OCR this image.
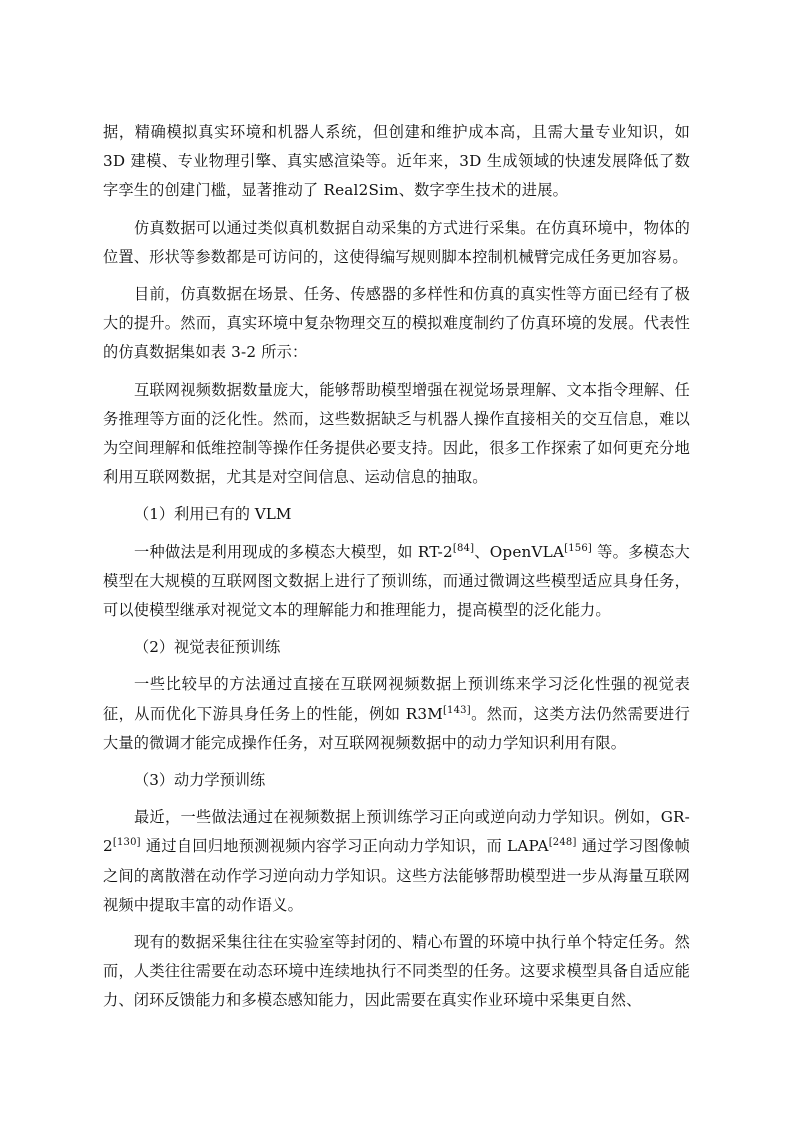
据，精确模拟真实环境和机器人系统，但创建和维护成本高，且需大量专业知识，如3D 建模、专业物理引擎、真实感渲染等。近年来，3D 生成领域的快速发展降低了数字孪生的创建门槛，显著推动了 Real2Sim、数字孪生技术的进展。

仿真数据可以通过类似真机数据自动采集的方式进行采集。在仿真环境中，物体的位置、形状等参数都是可访问的，这使得编写规则脚本控制机械臂完成任务更加容易。

目前，仿真数据在场景、任务、传感器的多样性和仿真的真实性等方面已经有了极大的提升。然而，真实环境中复杂物理交互的模拟难度制约了仿真环境的发展。代表性的仿真数据集如表 3-2 所示：

互联网视频数据数量庞大，能够帮助模型增强在视觉场景理解、文本指令理解、任务推理等方面的泛化性。然而，这些数据缺乏与机器人操作直接相关的交互信息，难以为空间理解和低维控制等操作任务提供必要支持。因此，很多工作探索了如何更充分地利用互联网数据，尤其是对空间信息、运动信息的抽取。

（1）利用已有的 VLM

一种做法是利用现成的多模态大模型，如 RT-2[84]、OpenVLA[156] 等。多模态大模型在大规模的互联网图文数据上进行了预训练，而通过微调这些模型适应具身任务，可以使模型继承对视觉文本的理解能力和推理能力，提高模型的泛化能力。

（2）视觉表征预训练

一些比较早的方法通过直接在互联网视频数据上预训练来学习泛化性强的视觉表征，从而优化下游具身任务上的性能，例如 R3M[143]。然而，这类方法仍然需要进行大量的微调才能完成操作任务，对互联网视频数据中的动力学知识利用有限。

（3）动力学预训练

最近，一些做法通过在视频数据上预训练学习正向或逆向动力学知识。例如，GR-2[130] 通过自回归地预测视频内容学习正向动力学知识，而 LAPA[248] 通过学习图像帧之间的离散潜在动作学习逆向动力学知识。这些方法能够帮助模型进一步从海量互联网视频中提取丰富的动作语义。

现有的数据采集往往在实验室等封闭的、精心布置的环境中执行单个特定任务。然而，人类往往需要在动态环境中连续地执行不同类型的任务。这要求模型具备自适应能力、闭环反馈能力和多模态感知能力，因此需要在真实作业环境中采集更自然、
